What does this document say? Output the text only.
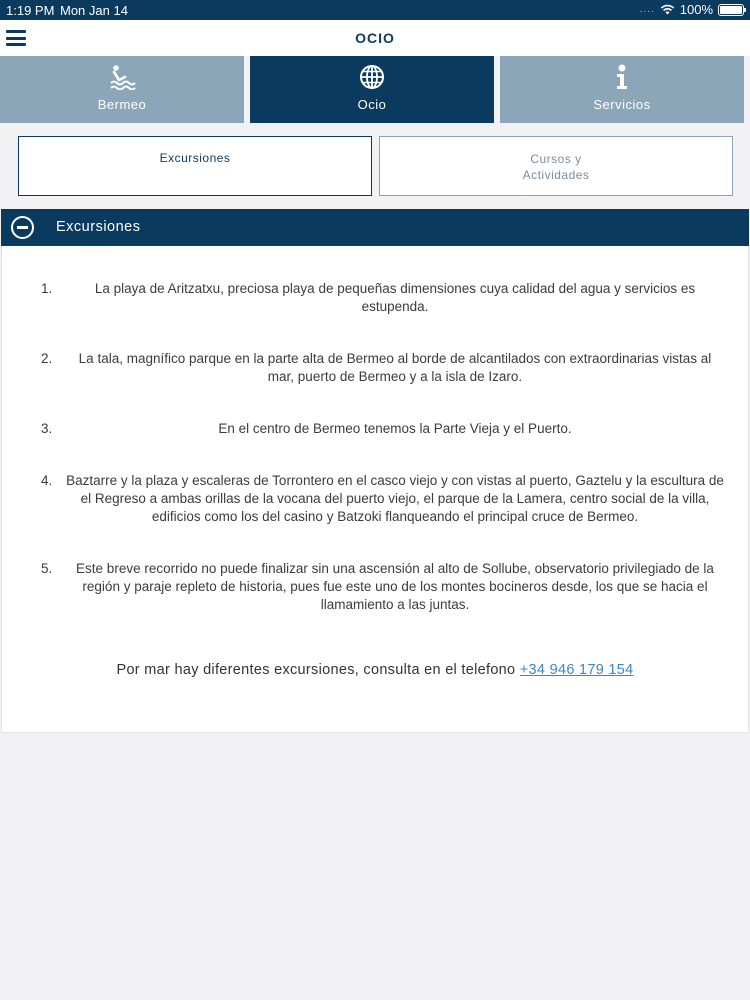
1:19 PM Mon Jan 14	.... 100%
OCIO
Bermeo	Ocio	Servicios
Excursiones	Cursos y
Actividades
Excursiones
1.	La playa de Aritzatxu, preciosa playa de pequeñas dimensiones cuya calidad del agua y servicios es
estupenda.
2.	La tala, magnífico parque en la parte alta de Bermeo al borde de alcantilados con extraordinarias vistas al
mar, puerto de Bermeo y a la isla de Izaro.
3.	En el centro de Bermeo tenemos la Parte Vieja y el Puerto.
4.	Baztarre y la plaza y escaleras de Torrontero en el casco viejo y con vistas al puerto, Gaztelu y la escultura de
el Regreso a ambas orillas de la vocana del puerto viejo, el parque de la Lamera, centro social de la villa,
edificios como los del casino y Batzoki flanqueando el principal cruce de Bermeo.
5.	Este breve recorrido no puede finalizar sin una ascensión al alto de Sollube, observatorio privilegiado de la
región y paraje repleto de historia, pues fue este uno de los montes bocineros desde, los que se hacia el
llamamiento a las juntas.
Por mar hay diferentes excursiones, consulta en el telefono +34 946 179 154
